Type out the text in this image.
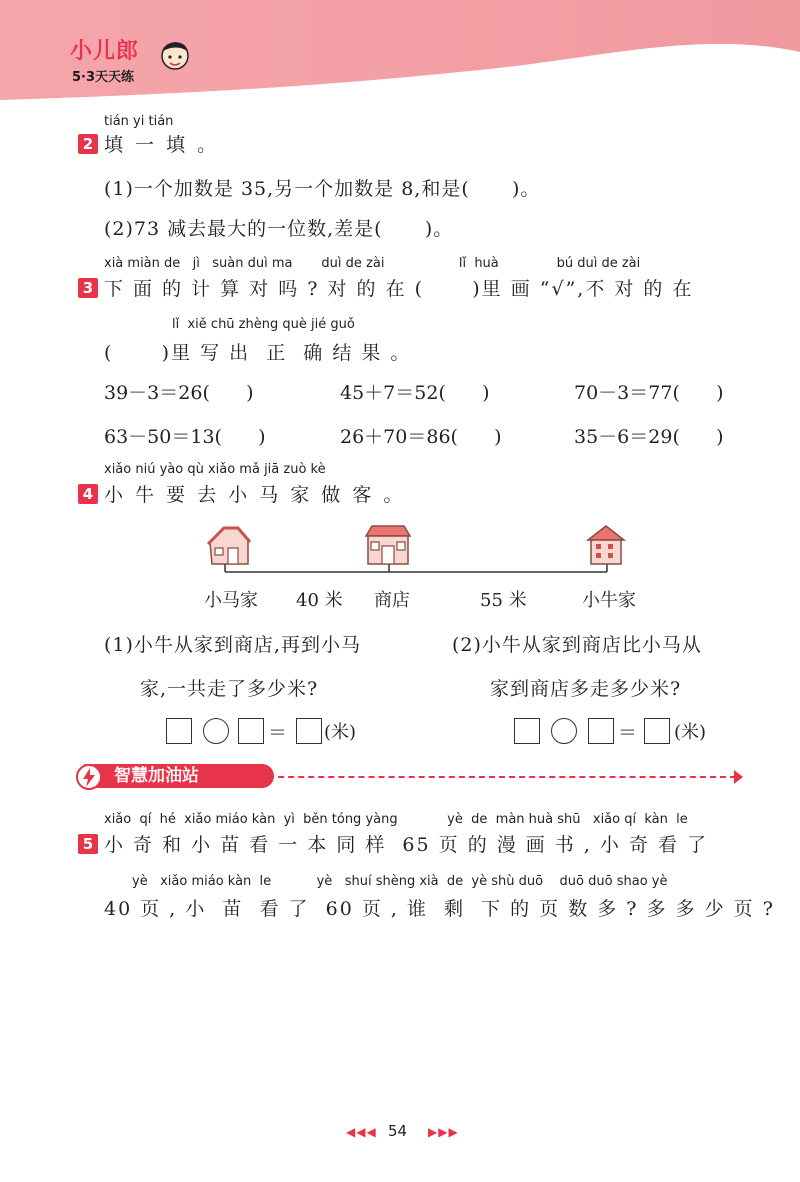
小儿郎
5·3天天练
tián yi tián
2 填 一 填 。
(1)一个加数是 35,另一个加数是 8,和是(      )。
(2)73 减去最大的一位数,差是(      )。
xià miàn de   jì   suàn duì ma       duì de zài                  lǐ  huà              bú duì de zài
3 下 面 的 计 算 对 吗 ? 对 的 在 (      )里 画 “√”,不 对 的 在
lǐ  xiě chū zhèng què jié guǒ
(      )里 写 出  正  确 结 果 。
39－3＝26(      )	45＋7＝52(      )	70－3＝77(      )
63－50＝13(      )	26＋70＝86(      )	35－6＝29(      )
xiǎo niú yào qù xiǎo mǎ jiā zuò kè
4 小 牛 要 去 小 马 家 做 客 。
小马家 40 米 商店	55 米	小牛家
(1)小牛从家到商店,再到小马
家,一共走了多少米?
(2)小牛从家到商店比小马从
家到商店多走多少米?
＝ (米)	＝ (米)
智慧加油站
xiǎo  qí  hé  xiǎo miáo kàn  yì  běn tóng yàng            yè  de  màn huà shū   xiǎo qí  kàn  le
5 小 奇 和 小 苗 看 一 本 同 样  65 页 的 漫 画 书 , 小 奇 看 了
yè   xiǎo miáo kàn  le           yè   shuí shèng xià  de  yè shù duō    duō duō shao yè
40 页 , 小  苗  看 了  60 页 , 谁  剩  下 的 页 数 多 ? 多 多 少 页 ?
◀◀◀ 54 ▶▶▶
